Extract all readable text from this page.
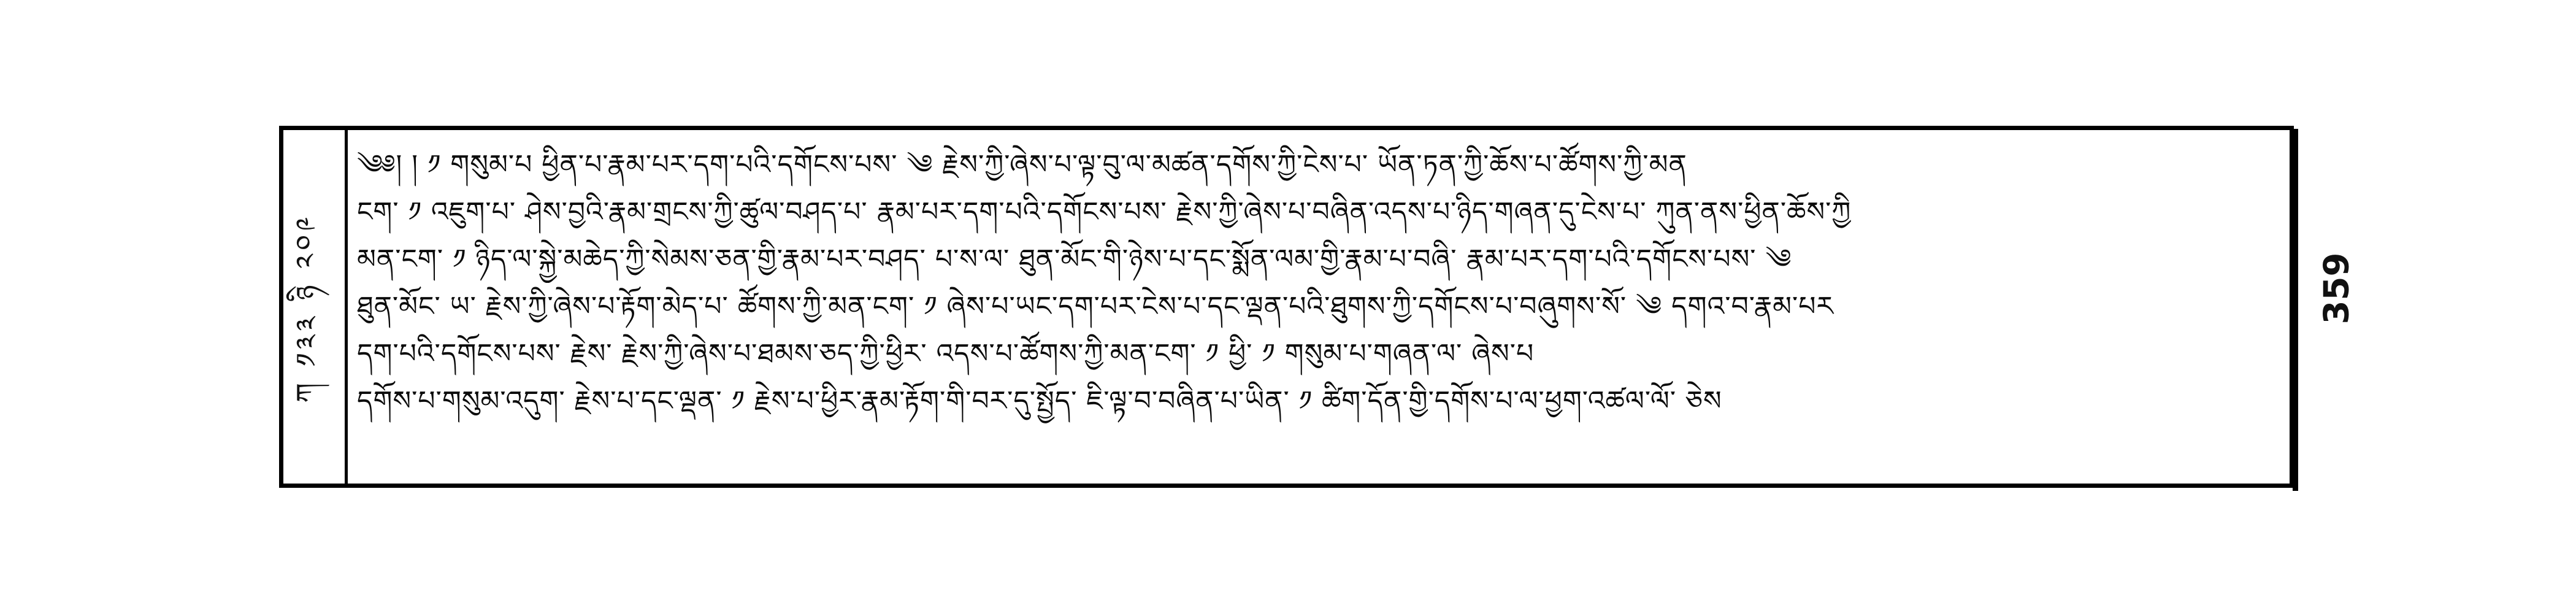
ཀ ༡༣༣ ཉི ༢༠༩
༄༅། ། ༡ གསུམ་པ ཕྱིན་པ་རྣམ་པར་དག་པའི་དགོངས་པས་ ༄ རྗེས་ཀྱི་ཞེས་པ་ལྟ་བུ་ལ་མཚན་དགོས་ཀྱི་ངེས་པ་ ཡོན་ཏན་ཀྱི་ཆོས་པ་ཚོགས་ཀྱི་མན
ངག་ ༡ འཇུག་པ་ ཤེས་བྱའི་རྣམ་གྲངས་ཀྱི་ཚུལ་བཤད་པ་ རྣམ་པར་དག་པའི་དགོངས་པས་ རྗེས་ཀྱི་ཞེས་པ་བཞིན་འདས་པ་ཉིད་གཞན་དུ་ངེས་པ་ ཀུན་ནས་ཕྱིན་ཆོས་ཀྱི
མན་ངག་ ༡ ཉིད་ལ་སྐྱེ་མཆེད་ཀྱི་སེམས་ཅན་གྱི་རྣམ་པར་བཤད་ པ་ས་ལ་ ཐུན་མོང་གི་ཉེས་པ་དང་སྨོན་ལམ་གྱི་རྣམ་པ་བཞི་ རྣམ་པར་དག་པའི་དགོངས་པས་ ༄
ཐུན་མོང་ ཡ་ རྗེས་ཀྱི་ཞེས་པ་རྟོག་མེད་པ་ ཚོགས་ཀྱི་མན་ངག་ ༡ ཞེས་པ་ཡང་དག་པར་ངེས་པ་དང་ལྡན་པའི་ཐུགས་ཀྱི་དགོངས་པ་བཞུགས་སོ་ ༄ དགའ་བ་རྣམ་པར
དག་པའི་དགོངས་པས་ རྗེས་ རྗེས་ཀྱི་ཞེས་པ་ཐམས་ཅད་ཀྱི་ཕྱིར་ འདས་པ་ཚོགས་ཀྱི་མན་ངག་ ༡ ཕྱི་ ༡ གསུམ་པ་གཞན་ལ་ ཞེས་པ
དགོས་པ་གསུམ་འདུག་ རྗེས་པ་དང་ལྡན་ ༡ རྗེས་པ་ཕྱིར་རྣམ་རྟོག་གི་བར་དུ་སྤྱོད་ ཇི་ལྟ་བ་བཞིན་པ་ཡིན་ ༡ ཚིག་དོན་གྱི་དགོས་པ་ལ་ཕྱག་འཚལ་ལོ་ ཅེས
359
